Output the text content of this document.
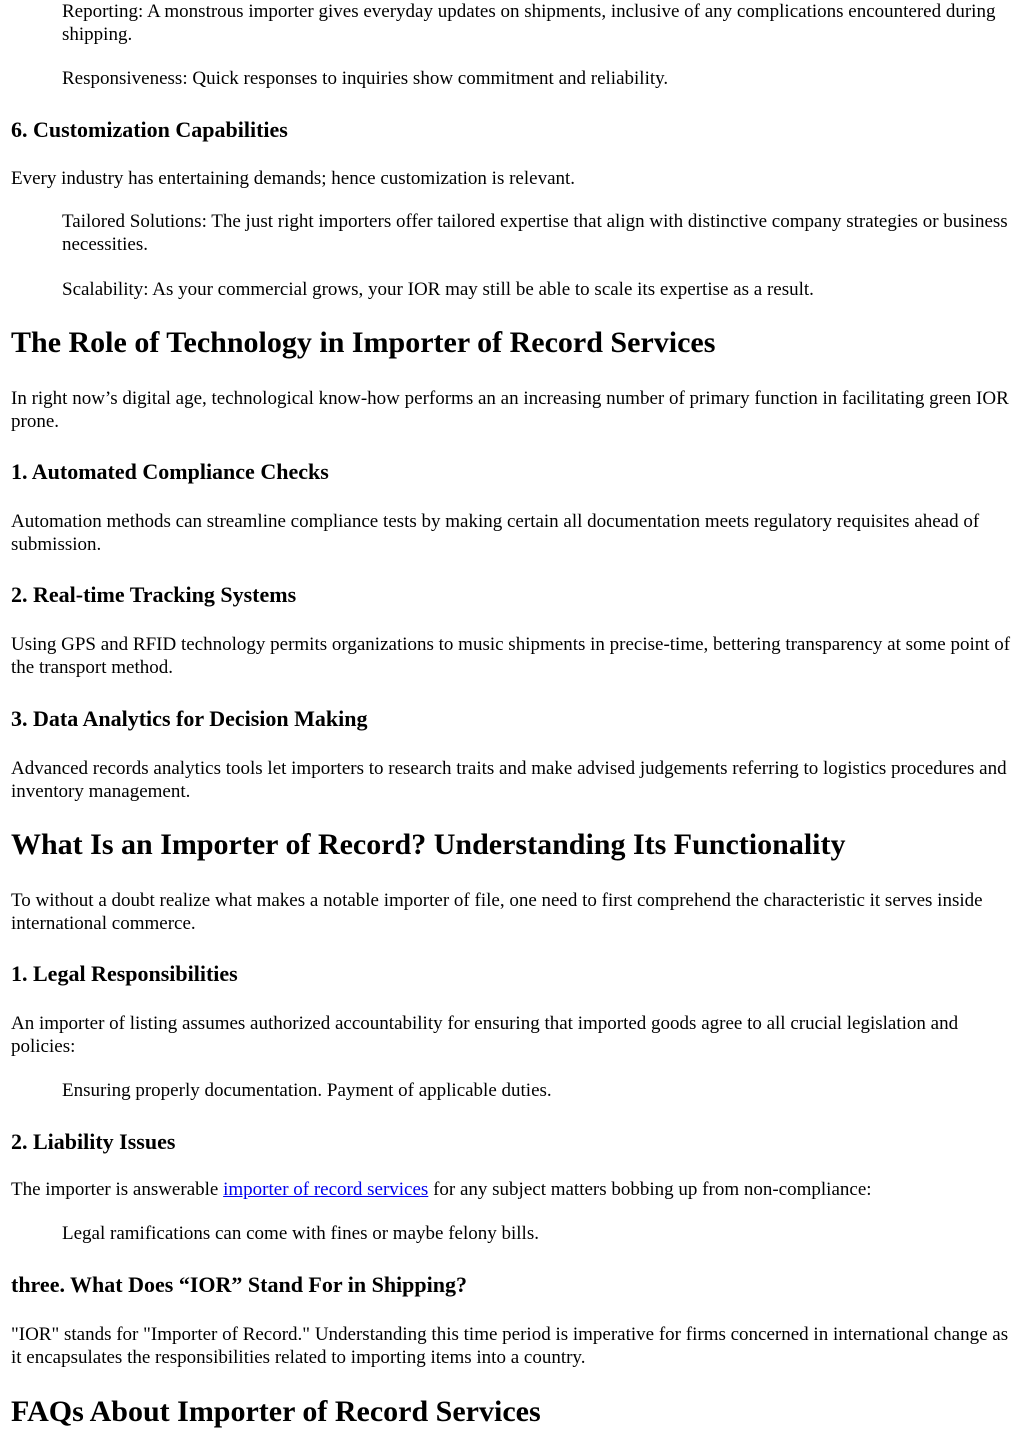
Reporting: A monstrous importer gives everyday updates on shipments, inclusive of any complications encountered during shipping.

Responsiveness: Quick responses to inquiries show commitment and reliability.

6. Customization Capabilities

Every industry has entertaining demands; hence customization is relevant.

Tailored Solutions: The just right importers offer tailored expertise that align with distinctive company strategies or business necessities.

Scalability: As your commercial grows, your IOR may still be able to scale its expertise as a result.

The Role of Technology in Importer of Record Services

In right now’s digital age, technological know-how performs an an increasing number of primary function in facilitating green IOR prone.

1. Automated Compliance Checks

Automation methods can streamline compliance tests by making certain all documentation meets regulatory requisites ahead of submission.

2. Real-time Tracking Systems

Using GPS and RFID technology permits organizations to music shipments in precise-time, bettering transparency at some point of the transport method.

3. Data Analytics for Decision Making

Advanced records analytics tools let importers to research traits and make advised judgements referring to logistics procedures and inventory management.

What Is an Importer of Record? Understanding Its Functionality

To without a doubt realize what makes a notable importer of file, one need to first comprehend the characteristic it serves inside international commerce.

1. Legal Responsibilities

An importer of listing assumes authorized accountability for ensuring that imported goods agree to all crucial legislation and policies:

Ensuring properly documentation. Payment of applicable duties.

2. Liability Issues

The importer is answerable importer of record services for any subject matters bobbing up from non-compliance:

Legal ramifications can come with fines or maybe felony bills.

three. What Does “IOR” Stand For in Shipping?

"IOR" stands for "Importer of Record." Understanding this time period is imperative for firms concerned in international change as it encapsulates the responsibilities related to importing items into a country.

FAQs About Importer of Record Services
